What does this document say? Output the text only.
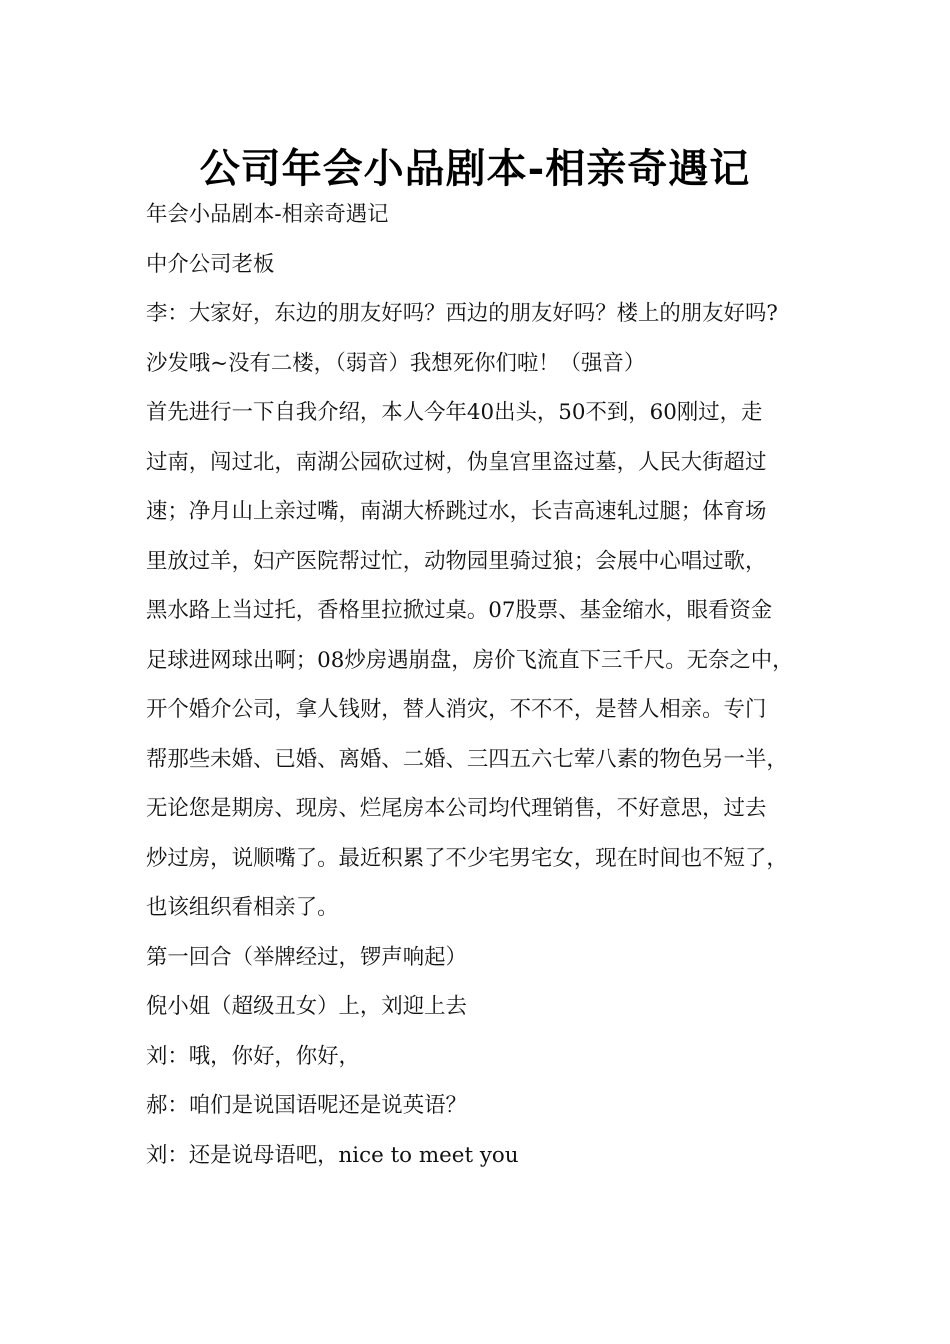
公司年会小品剧本-相亲奇遇记
年会小品剧本-相亲奇遇记
中介公司老板
李：大家好，东边的朋友好吗？西边的朋友好吗？楼上的朋友好吗?
沙发哦~没有二楼，（弱音）我想死你们啦！（强音）
首先进行一下自我介绍，本人今年40出头，50不到，60刚过，走
过南，闯过北，南湖公园砍过树，伪皇宫里盗过墓，人民大街超过
速；净月山上亲过嘴，南湖大桥跳过水，长吉高速轧过腿；体育场
里放过羊，妇产医院帮过忙，动物园里骑过狼；会展中心唱过歌，
黑水路上当过托，香格里拉掀过桌。07股票、基金缩水，眼看资金
足球进网球出啊；08炒房遇崩盘，房价飞流直下三千尺。无奈之中，
开个婚介公司，拿人钱财，替人消灾，不不不，是替人相亲。专门
帮那些未婚、已婚、离婚、二婚、三四五六七荤八素的物色另一半，
无论您是期房、现房、烂尾房本公司均代理销售，不好意思，过去
炒过房，说顺嘴了。最近积累了不少宅男宅女，现在时间也不短了，
也该组织看相亲了。
第一回合（举牌经过，锣声响起）
倪小姐（超级丑女）上，刘迎上去
刘：哦，你好，你好，
郝：咱们是说国语呢还是说英语？
刘：还是说母语吧，nice to meet you
